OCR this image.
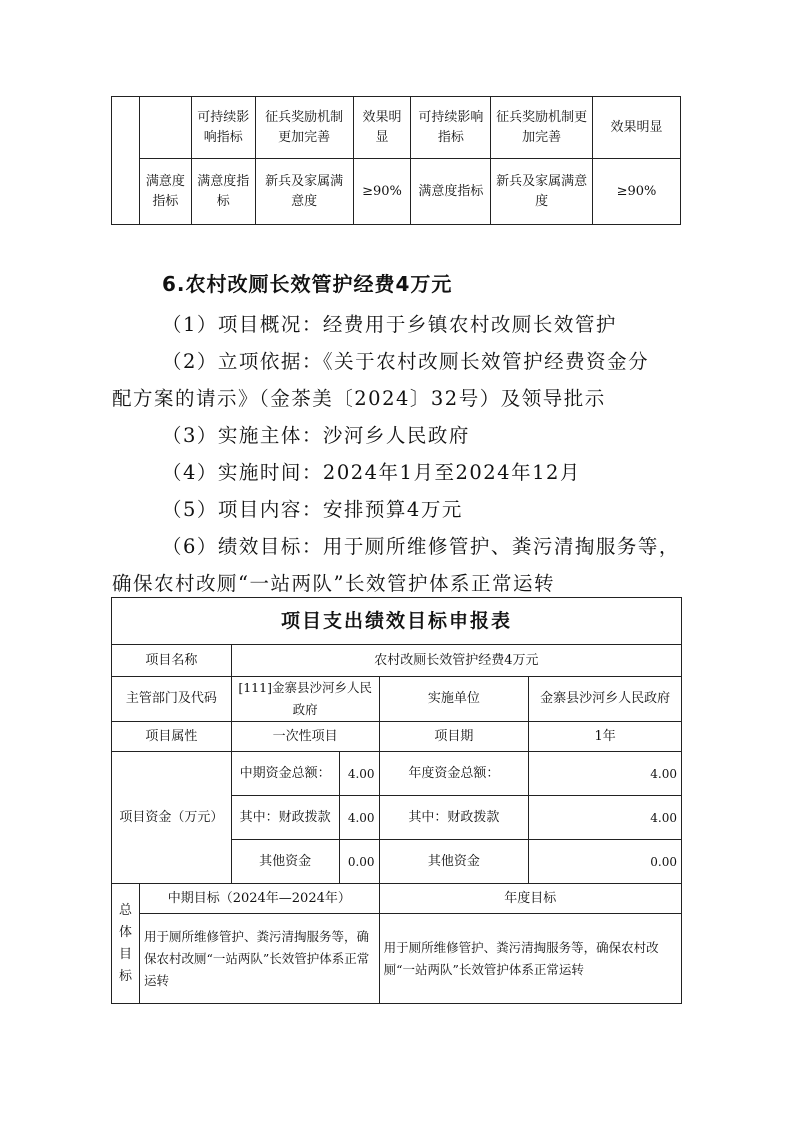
		可持续影响指标	征兵奖励机制更加完善	效果明显	可持续影响指标	征兵奖励机制更加完善	效果明显
	满意度指标	满意度指标	新兵及家属满意度	≥90%	满意度指标	新兵及家属满意度	≥90%
6.农村改厕长效管护经费4万元
（1）项目概况：经费用于乡镇农村改厕长效管护
（2）立项依据：《关于农村改厕长效管护经费资金分
配方案的请示》（金茶美〔2024〕32号）及领导批示
（3）实施主体：沙河乡人民政府
（4）实施时间：2024年1月至2024年12月
（5）项目内容：安排预算4万元
（6）绩效目标：用于厕所维修管护、粪污清掏服务等，
确保农村改厕“一站两队”长效管护体系正常运转
项目支出绩效目标申报表					
项目名称		农村改厕长效管护经费4万元			
主管部门及代码		[111]金寨县沙河乡人民政府		实施单位	金寨县沙河乡人民政府
项目属性		一次性项目		项目期	1年
项目资金（万元）		中期资金总额：	4.00	年度资金总额：	4.00
		其中：财政拨款	4.00	其中：财政拨款	4.00
		其他资金	0.00	其他资金	0.00
总体目标	中期目标（2024年—2024年）			年度目标	
	用于厕所维修管护、粪污清掏服务等，确保农村改厕“一站两队”长效管护体系正常运转			用于厕所维修管护、粪污清掏服务等，确保农村改厕“一站两队”长效管护体系正常运转	
